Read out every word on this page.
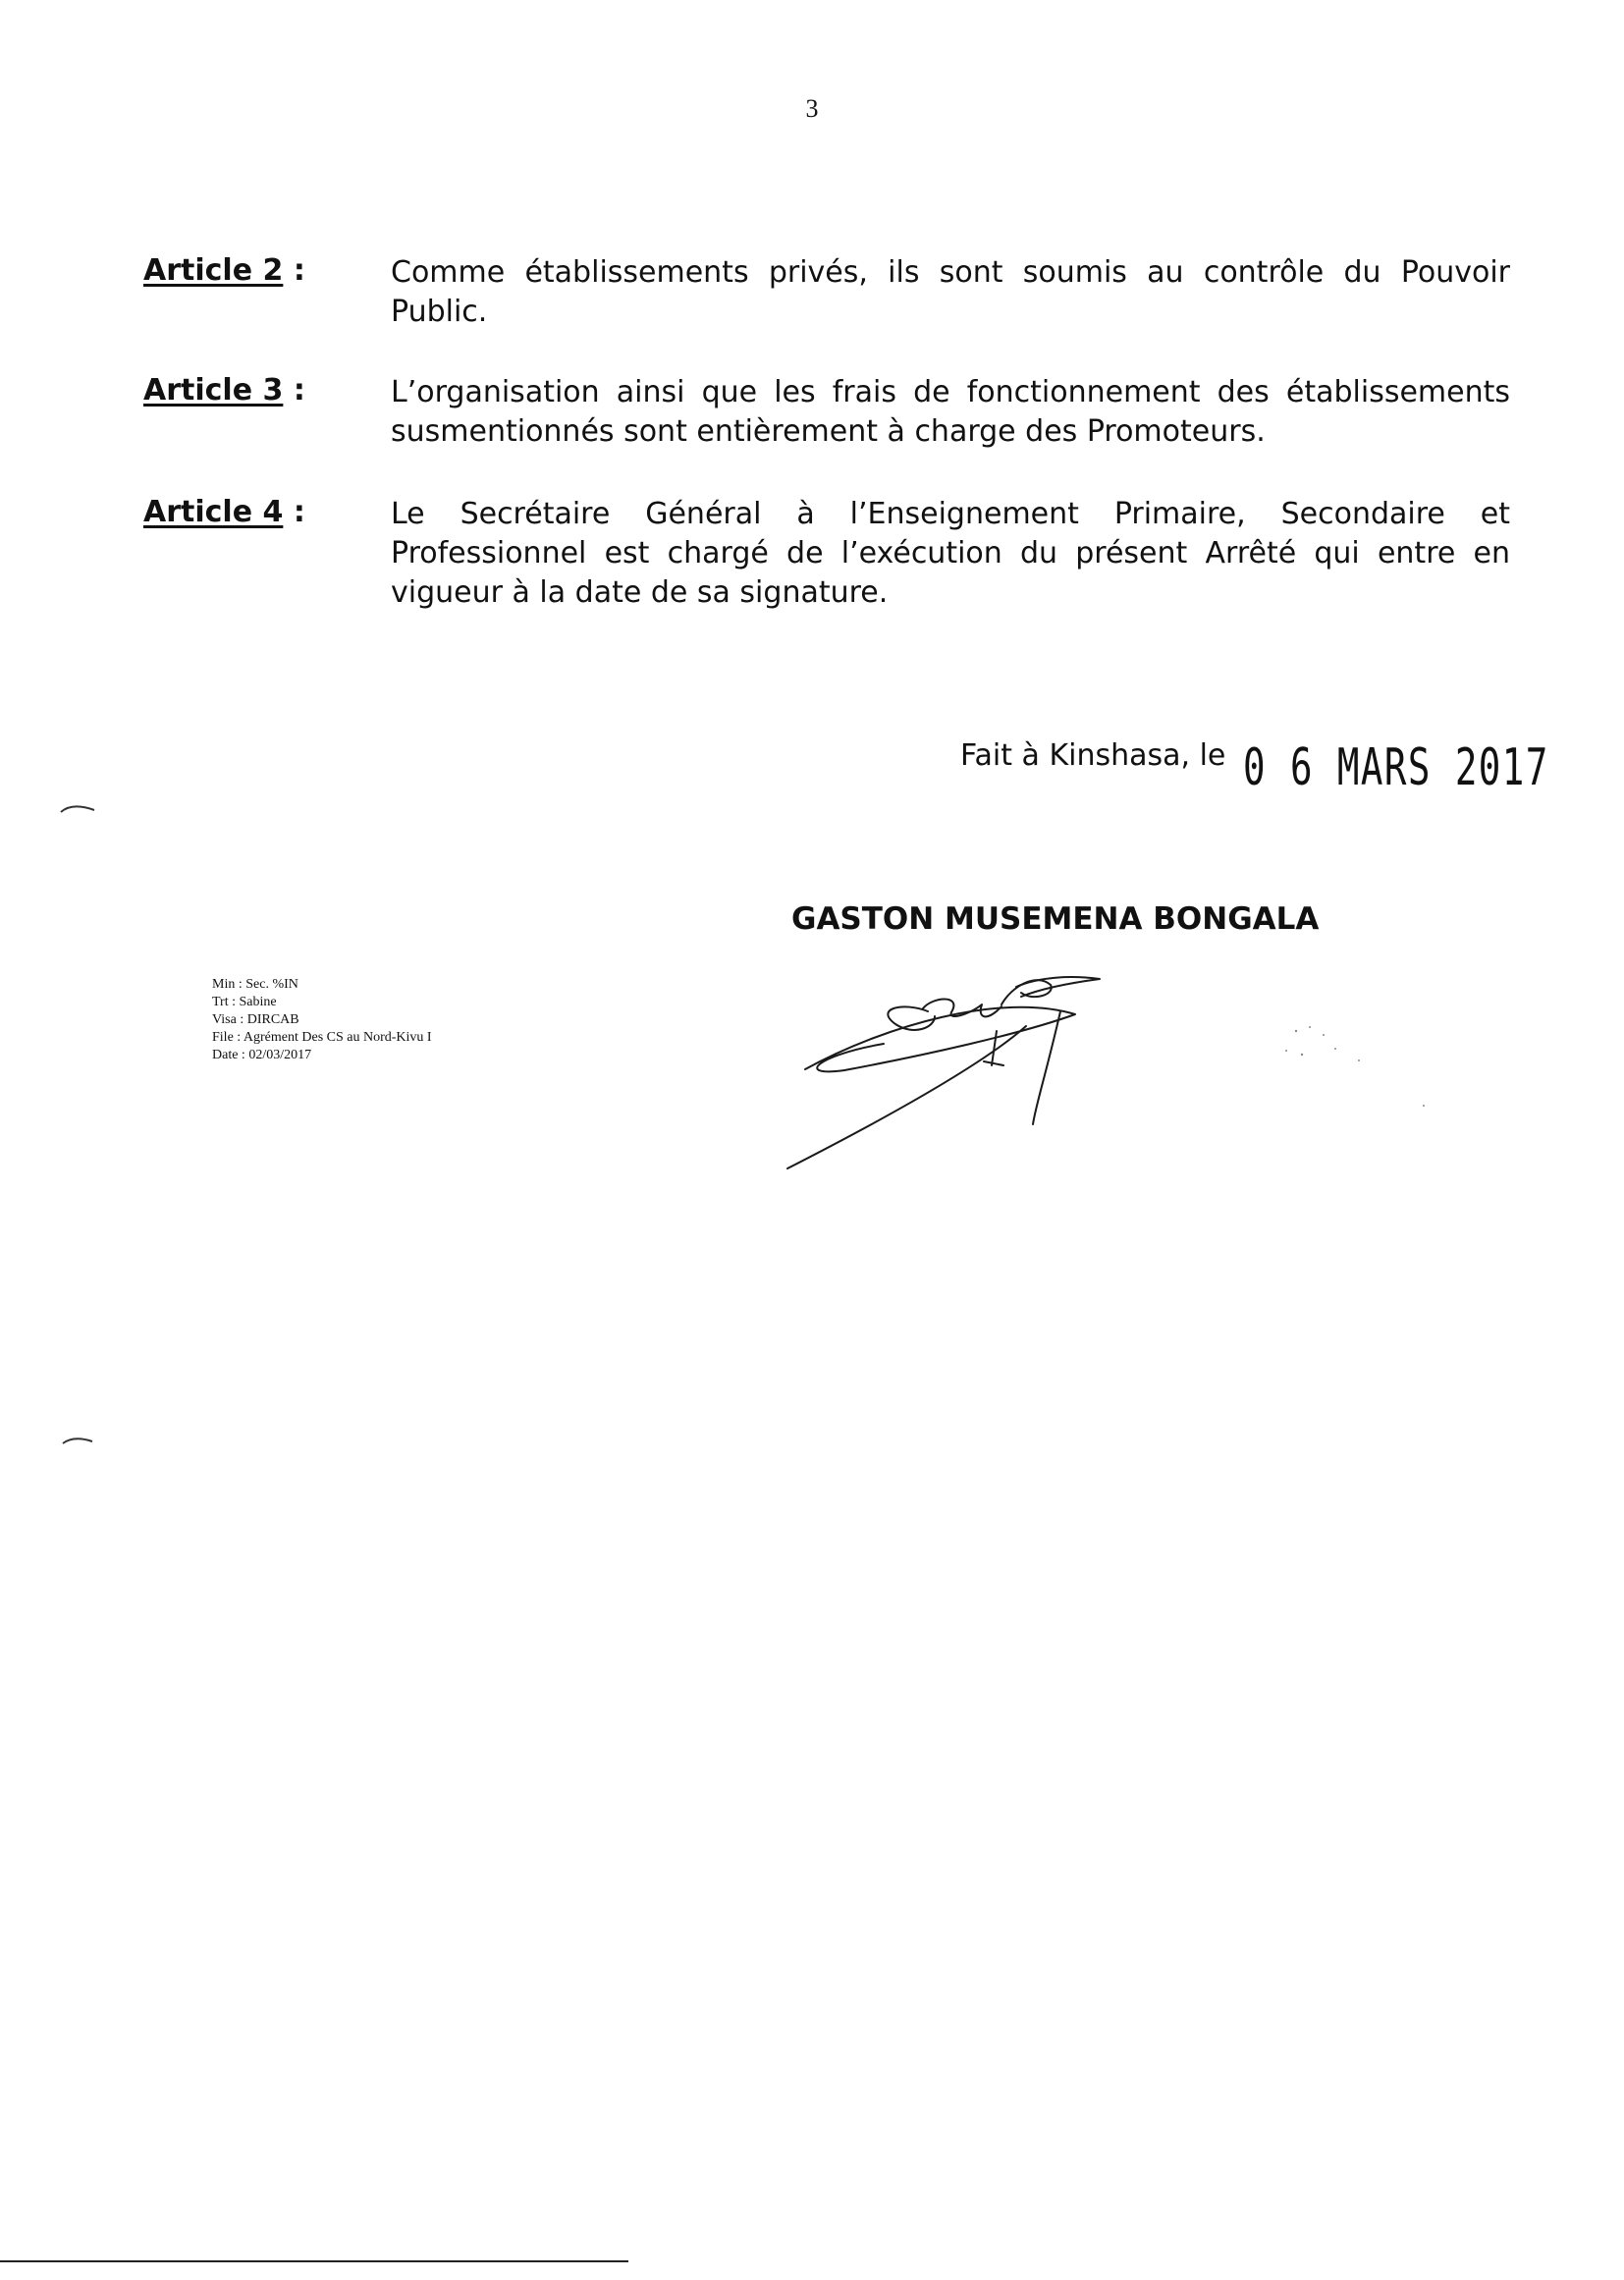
3
Article 2 :	Comme établissements privés, ils sont soumis au contrôle du Pouvoir Public.
Article 3 :	L’organisation ainsi que les frais de fonctionnement des établissements susmentionnés sont entièrement à charge des Promoteurs.
Article 4 :	Le Secrétaire Général à l’Enseignement Primaire, Secondaire et Professionnel est chargé de l’exécution du présent Arrêté qui entre en vigueur à la date de sa signature.
Fait à Kinshasa, le 0 6 MARS 2017
GASTON MUSEMENA BONGALA
Min : Sec. %IN
Trt : Sabine
Visa : DIRCAB
File : Agrément Des CS au Nord-Kivu I
Date : 02/03/2017
